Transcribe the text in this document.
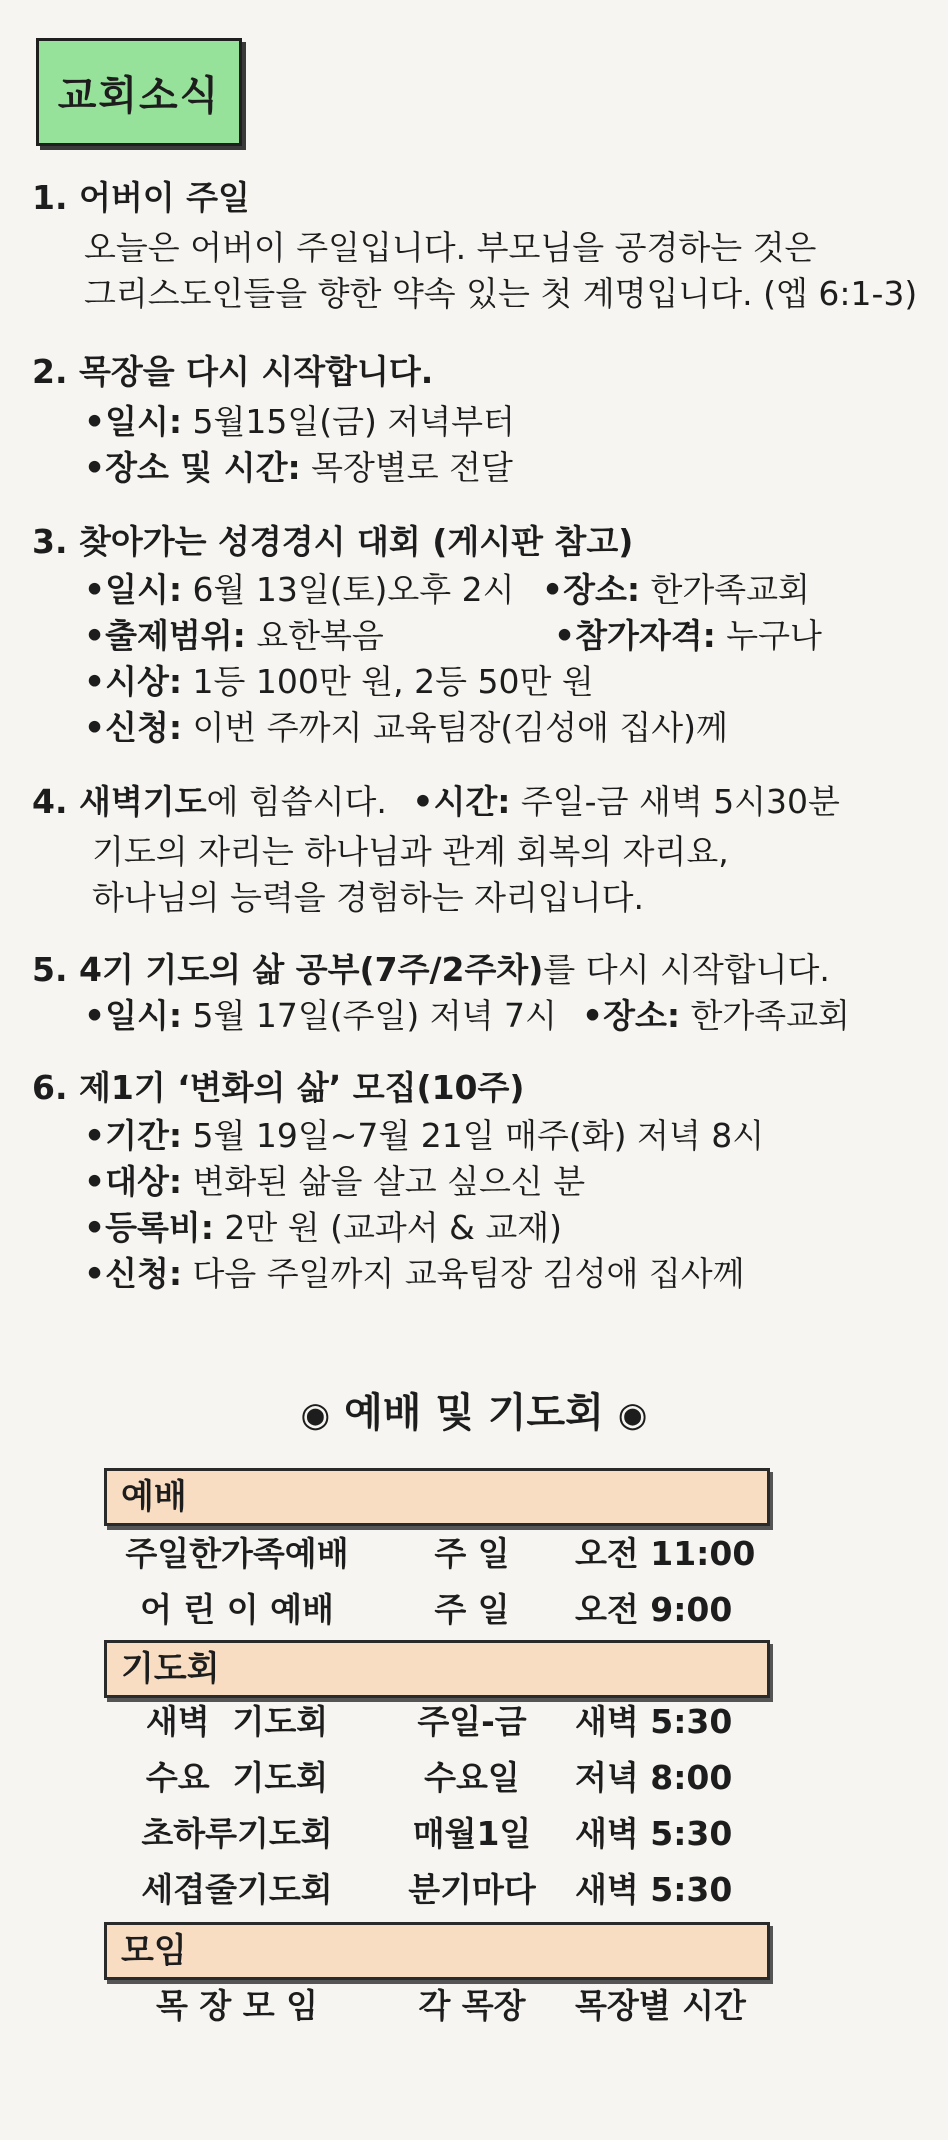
교회소식
1. 어버이 주일
오늘은 어버이 주일입니다. 부모님을 공경하는 것은
그리스도인들을 향한 약속 있는 첫 계명입니다. (엡 6:1-3)
2. 목장을 다시 시작합니다.
•일시: 5월15일(금) 저녁부터
•장소 및 시간: 목장별로 전달
3. 찾아가는 성경경시 대회 (게시판 참고)
•일시: 6월 13일(토)오후 2시 •장소: 한가족교회
•출제범위: 요한복음	•참가자격: 누구나
•시상: 1등 100만 원, 2등 50만 원
•신청: 이번 주까지 교육팀장(김성애 집사)께
4. 새벽기도에 힘씁시다. •시간: 주일-금 새벽 5시30분
기도의 자리는 하나님과 관계 회복의 자리요,
하나님의 능력을 경험하는 자리입니다.
5. 4기 기도의 삶 공부(7주/2주차)를 다시 시작합니다.
•일시: 5월 17일(주일) 저녁 7시 •장소: 한가족교회
6. 제1기 ‘변화의 삶’ 모집(10주)
•기간: 5월 19일~7월 21일 매주(화) 저녁 8시
•대상: 변화된 삶을 살고 싶으신 분
•등록비: 2만 원 (교과서 & 교재)
•신청: 다음 주일까지 교육팀장 김성애 집사께
◉ 예배 및 기도회 ◉
예배
주일한가족예배	주 일	오전 11:00
어 린 이 예배	주 일	오전 9:00
기도회
새벽  기도회	주일-금	새벽 5:30
수요  기도회	수요일	저녁 8:00
초하루기도회	매월1일	새벽 5:30
세겹줄기도회	분기마다	새벽 5:30
모임
목 장 모 임	각 목장	목장별 시간
